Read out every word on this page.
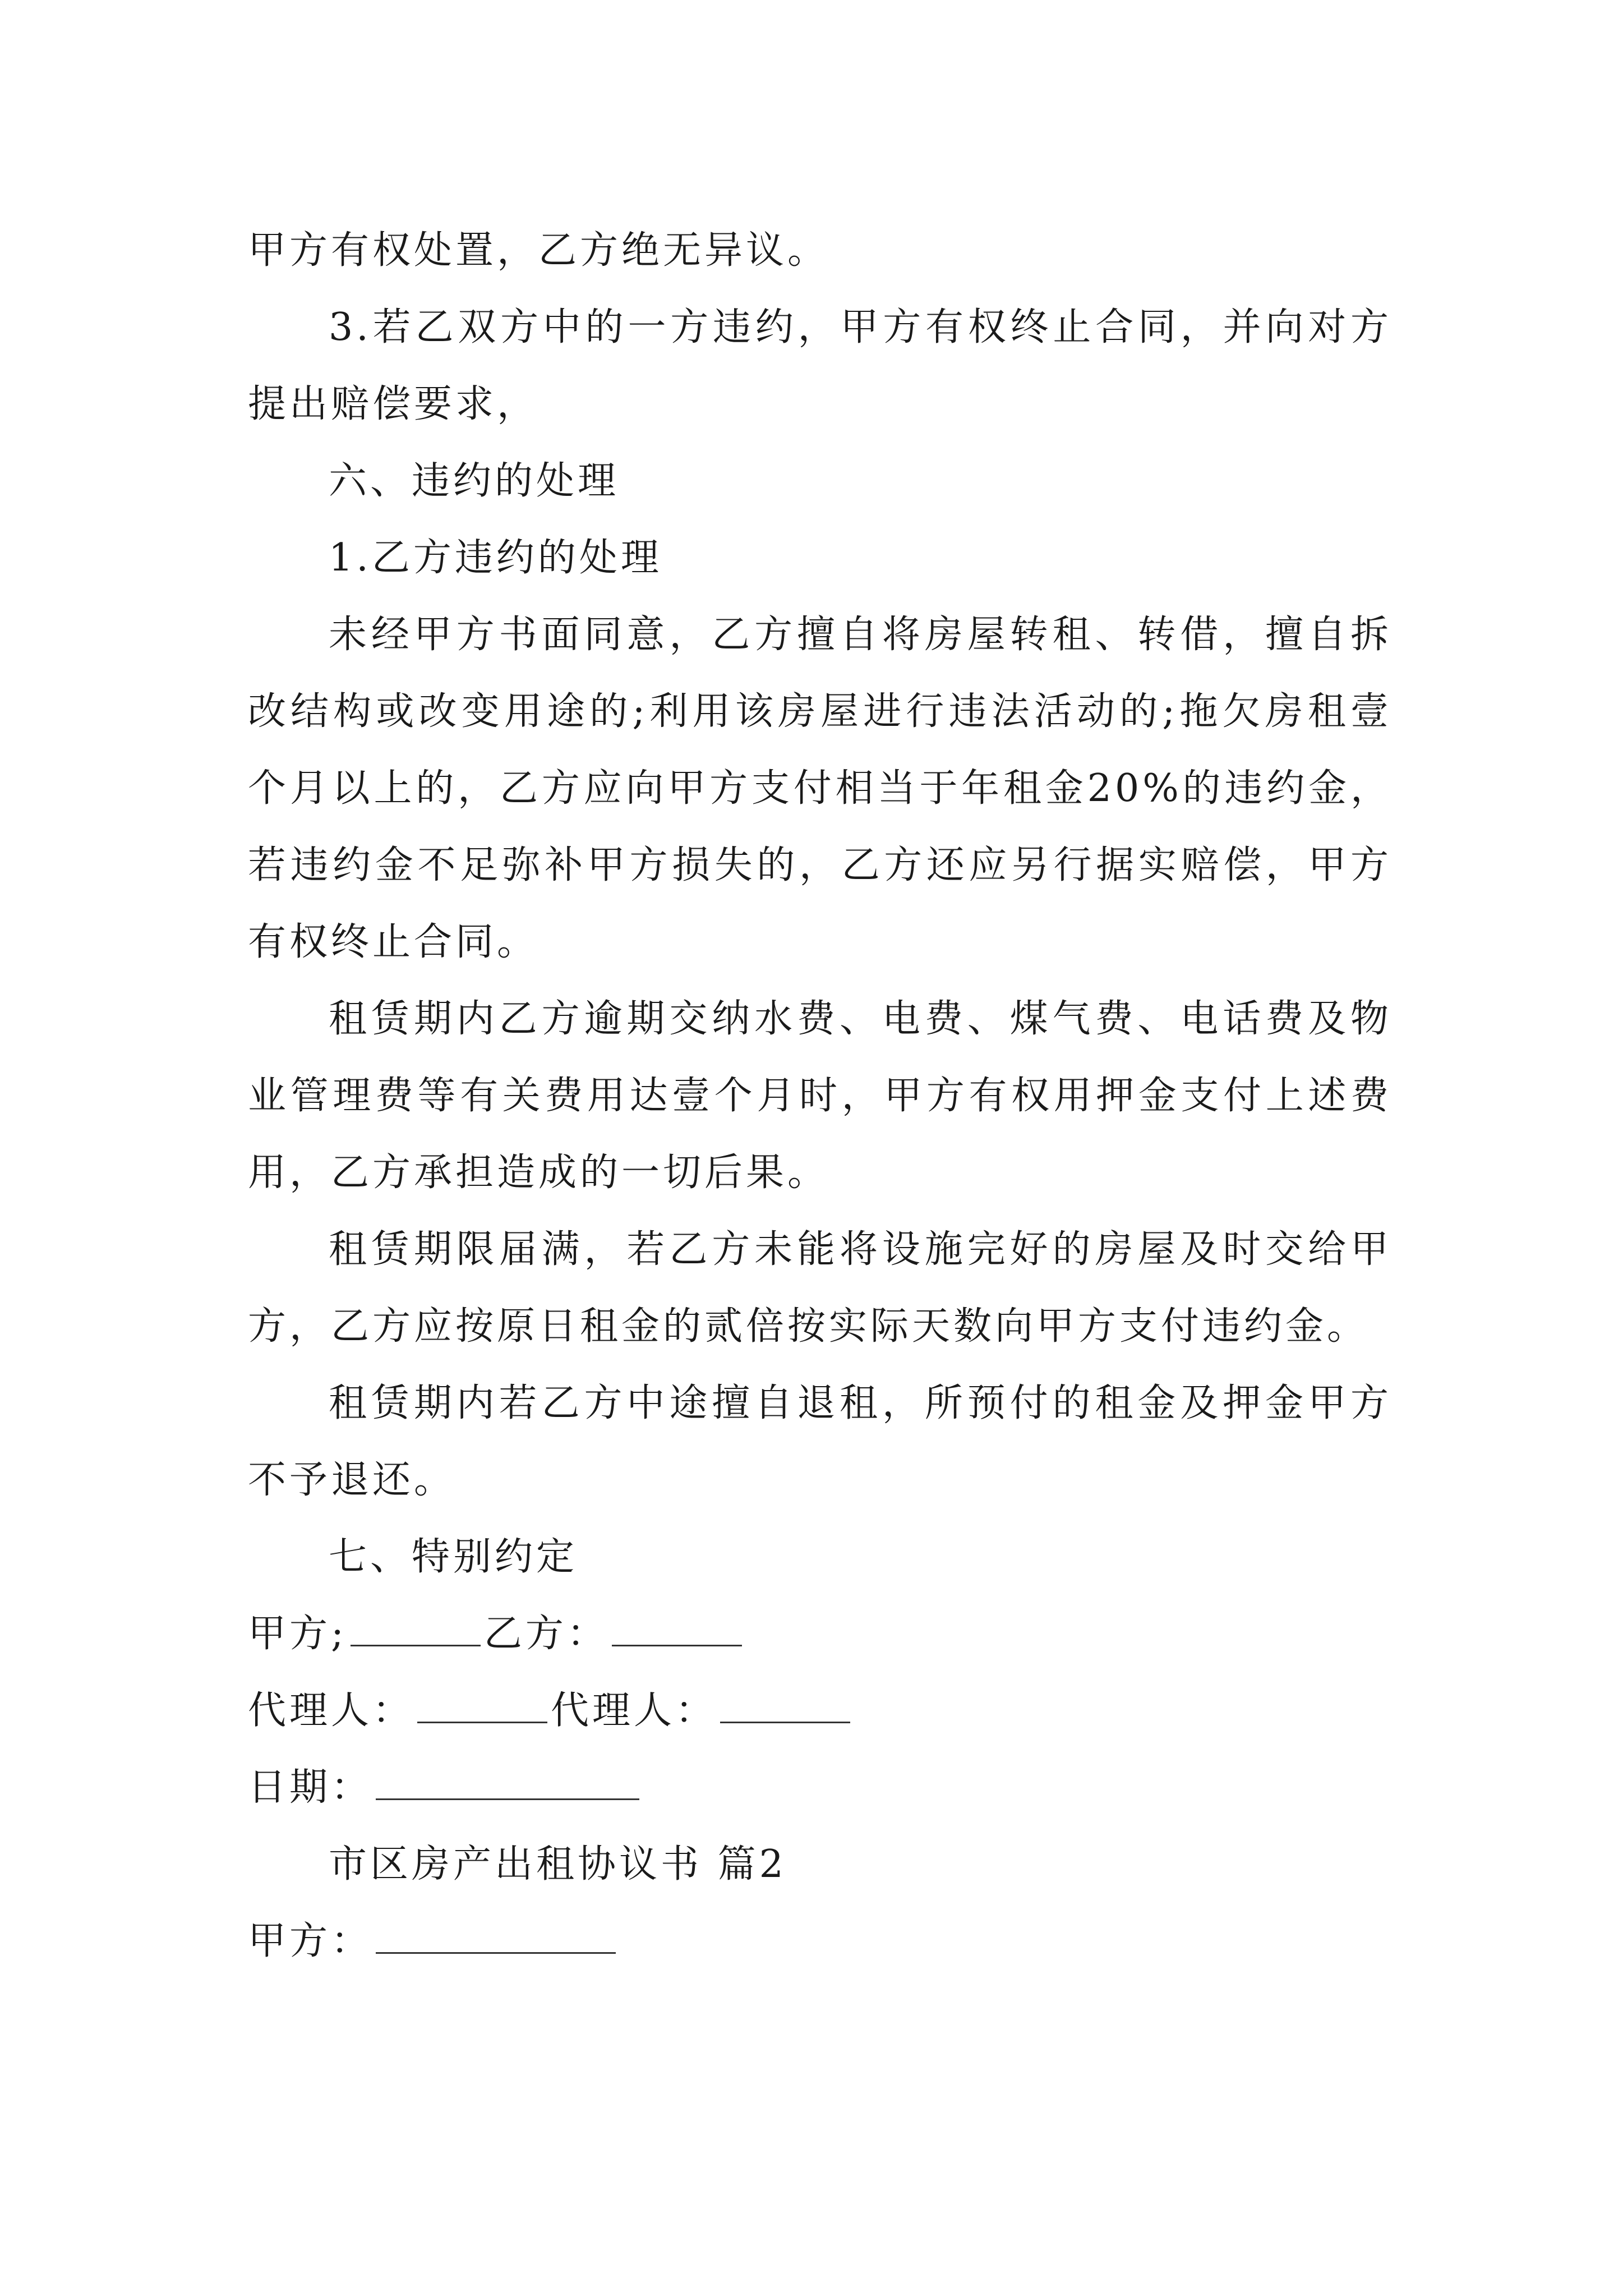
甲方有权处置，乙方绝无异议。

3.若乙双方中的一方违约，甲方有权终止合同，并向对方提出赔偿要求，

六、违约的处理

1.乙方违约的处理

未经甲方书面同意，乙方擅自将房屋转租、转借，擅自拆改结构或改变用途的;利用该房屋进行违法活动的;拖欠房租壹个月以上的，乙方应向甲方支付相当于年租金20%的违约金，若违约金不足弥补甲方损失的，乙方还应另行据实赔偿，甲方有权终止合同。

租赁期内乙方逾期交纳水费、电费、煤气费、电话费及物业管理费等有关费用达壹个月时，甲方有权用押金支付上述费用，乙方承担造成的一切后果。

租赁期限届满，若乙方未能将设施完好的房屋及时交给甲方，乙方应按原日租金的贰倍按实际天数向甲方支付违约金。

租赁期内若乙方中途擅自退租，所预付的租金及押金甲方不予退还。

七、特别约定

甲方;	乙方：

代理人：	代理人：

日期：

市区房产出租协议书 篇2

甲方：
